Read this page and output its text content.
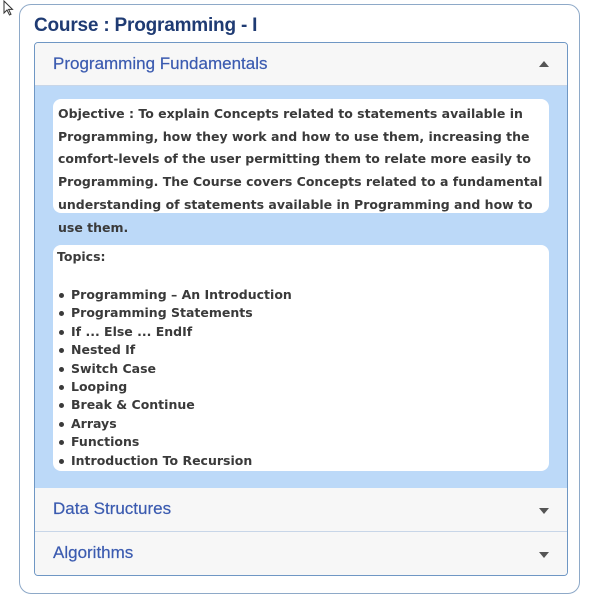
Course : Programming - I
Programming Fundamentals
Objective : To explain Concepts related to statements available in Programming, how they work and how to use them, increasing the comfort-levels of the user permitting them to relate more easily to Programming. The Course covers Concepts related to a fundamental understanding of statements available in Programming and how to use them.
Topics:
Programming – An Introduction
Programming Statements
If ... Else ... EndIf
Nested If
Switch Case
Looping
Break & Continue
Arrays
Functions
Introduction To Recursion
Data Structures
Algorithms
